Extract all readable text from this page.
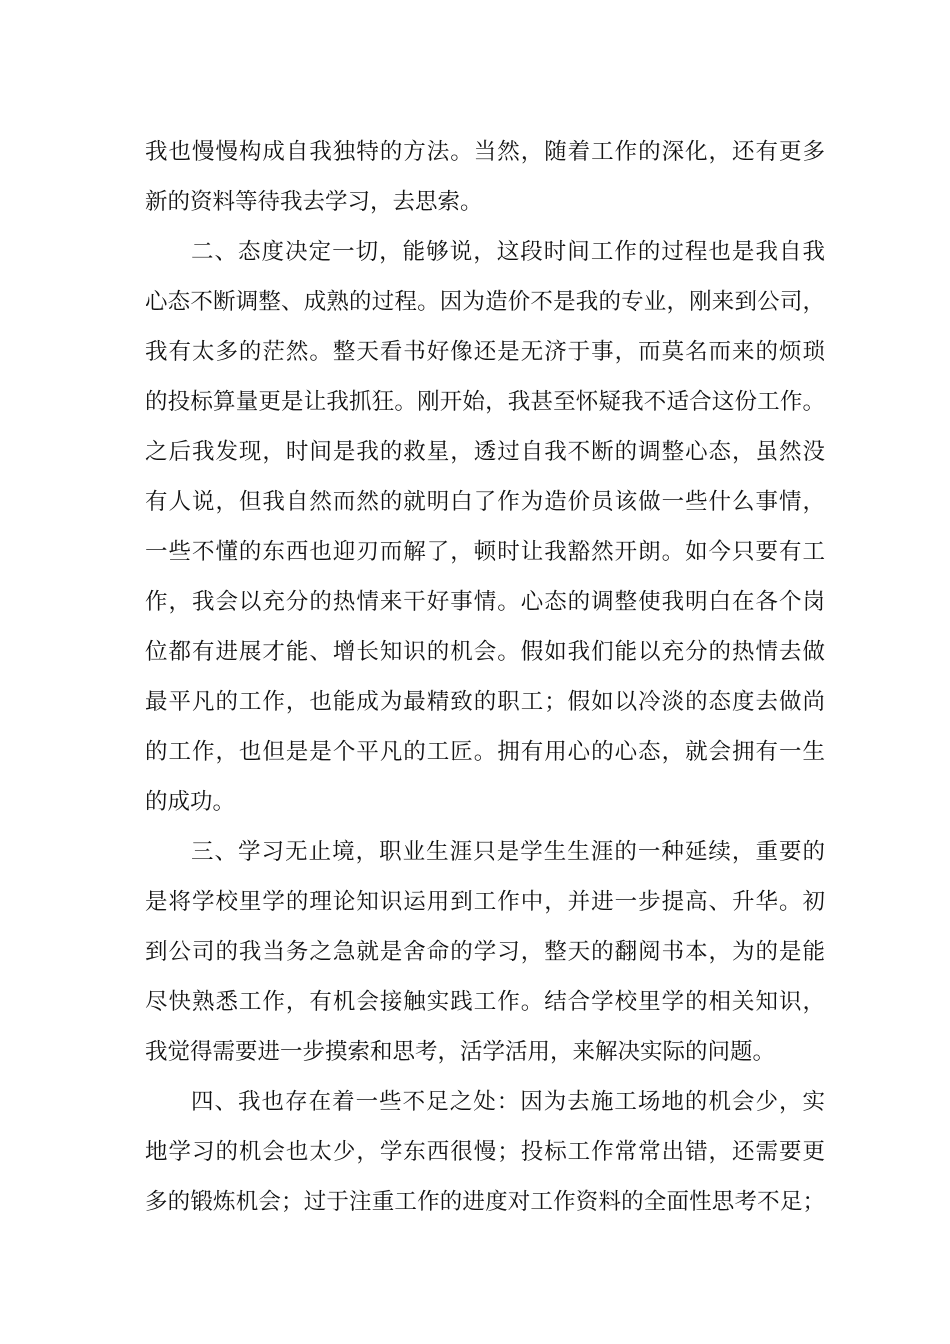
我也慢慢构成自我独特的方法。当然，随着工作的深化，还有更多
新的资料等待我去学习，去思索。
二、态度决定一切，能够说，这段时间工作的过程也是我自我
心态不断调整、成熟的过程。因为造价不是我的专业，刚来到公司，
我有太多的茫然。整天看书好像还是无济于事，而莫名而来的烦琐
的投标算量更是让我抓狂。刚开始，我甚至怀疑我不适合这份工作。
之后我发现，时间是我的救星，透过自我不断的调整心态，虽然没
有人说，但我自然而然的就明白了作为造价员该做一些什么事情，
一些不懂的东西也迎刃而解了，顿时让我豁然开朗。如今只要有工
作，我会以充分的热情来干好事情。心态的调整使我明白在各个岗
位都有进展才能、增长知识的机会。假如我们能以充分的热情去做
最平凡的工作，也能成为最精致的职工；假如以冷淡的态度去做尚
的工作，也但是是个平凡的工匠。拥有用心的心态，就会拥有一生
的成功。
三、学习无止境，职业生涯只是学生生涯的一种延续，重要的
是将学校里学的理论知识运用到工作中，并进一步提高、升华。初
到公司的我当务之急就是舍命的学习，整天的翻阅书本，为的是能
尽快熟悉工作，有机会接触实践工作。结合学校里学的相关知识，
我觉得需要进一步摸索和思考，活学活用，来解决实际的问题。
四、我也存在着一些不足之处：因为去施工场地的机会少，实
地学习的机会也太少，学东西很慢；投标工作常常出错，还需要更
多的锻炼机会；过于注重工作的进度对工作资料的全面性思考不足；
